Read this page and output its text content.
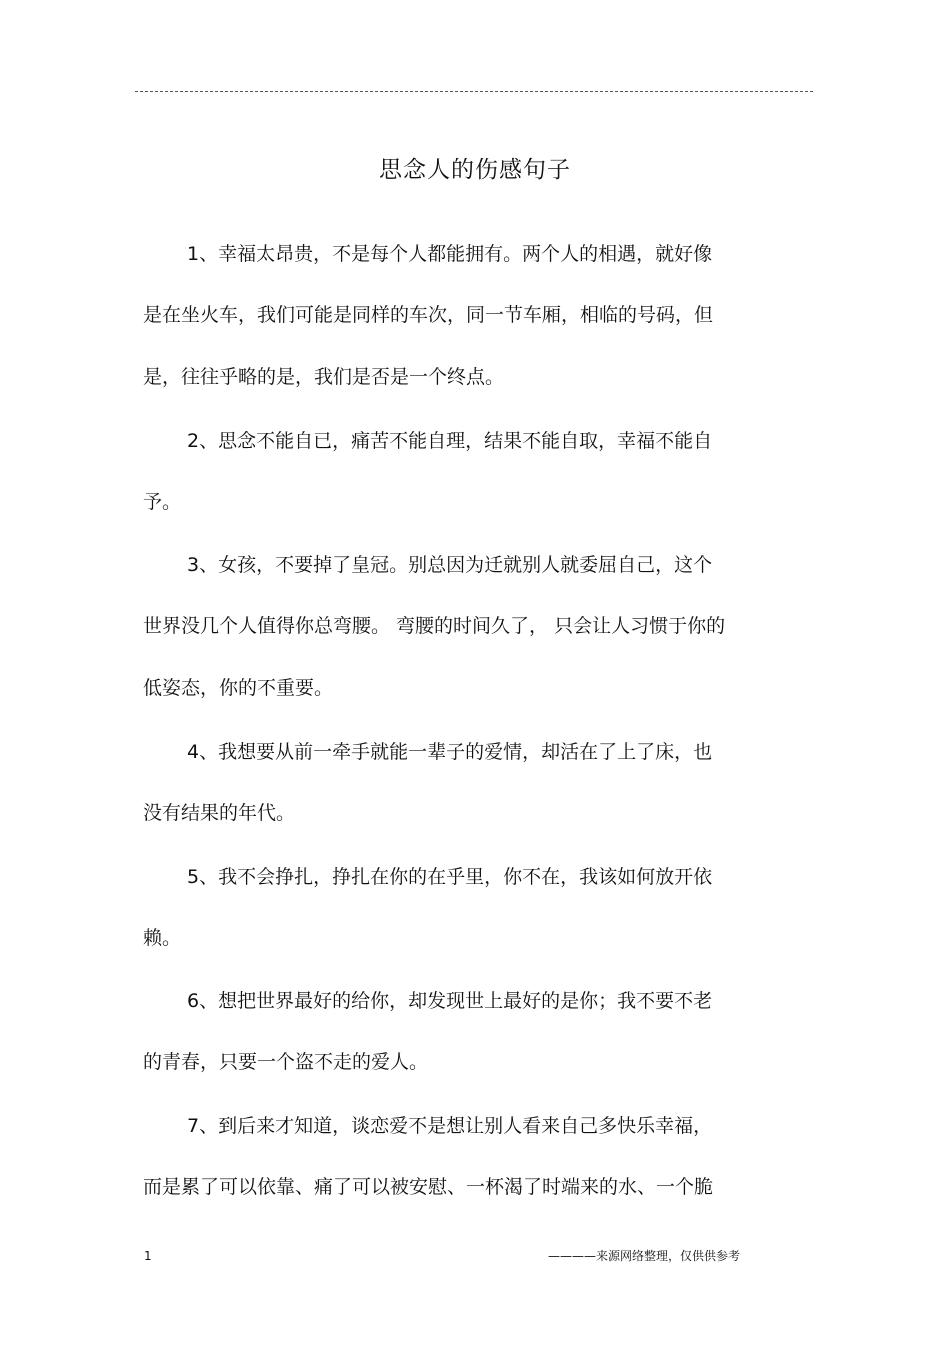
思念人的伤感句子
1、幸福太昂贵，不是每个人都能拥有。两个人的相遇，就好像
是在坐火车，我们可能是同样的车次，同一节车厢，相临的号码，但
是，往往乎略的是，我们是否是一个终点。
2、思念不能自已，痛苦不能自理，结果不能自取，幸福不能自
予。
3、女孩，不要掉了皇冠。别总因为迁就别人就委屈自己，这个
世界没几个人值得你总弯腰。 弯腰的时间久了， 只会让人习惯于你的
低姿态，你的不重要。
4、我想要从前一牵手就能一辈子的爱情，却活在了上了床，也
没有结果的年代。
5、我不会挣扎，挣扎在你的在乎里，你不在，我该如何放开依
赖。
6、想把世界最好的给你，却发现世上最好的是你；我不要不老
的青春，只要一个盗不走的爱人。
7、到后来才知道，谈恋爱不是想让别人看来自己多快乐幸福，
而是累了可以依靠、痛了可以被安慰、一杯渴了时端来的水、一个脆
1	————来源网络整理，仅供供参考
